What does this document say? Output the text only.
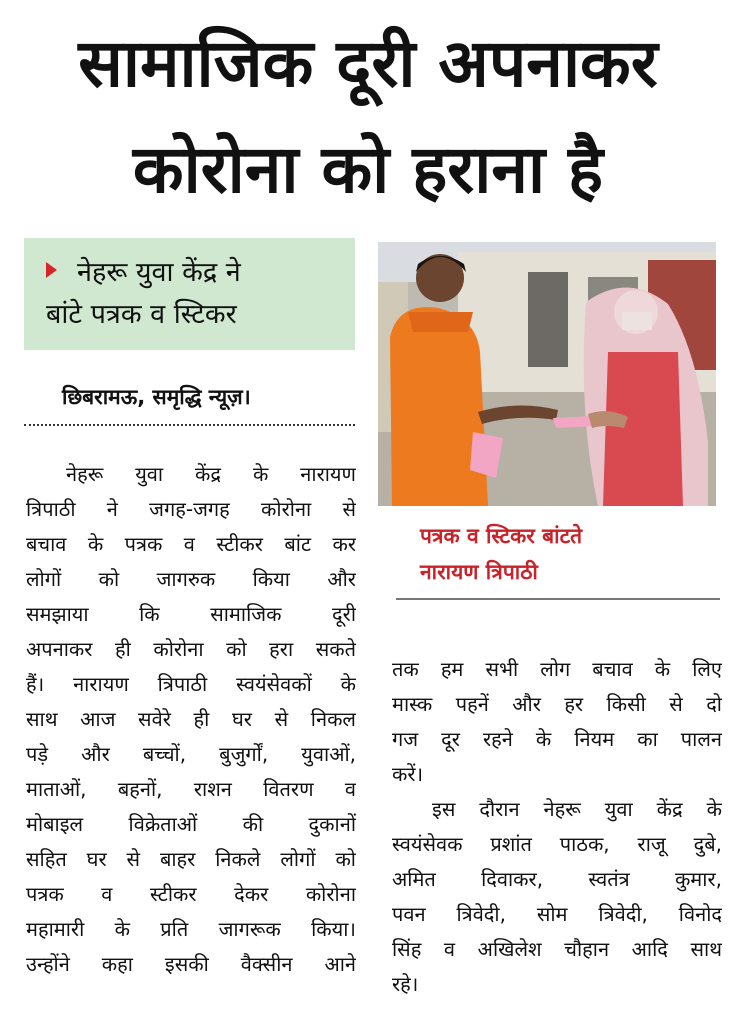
सामाजिक दूरी अपनाकर
कोरोना को हराना है
नेहरू युवा केंद्र ने
बांटे पत्रक व स्टिकर
छिबरामऊ, समृद्धि न्यूज़।
नेहरू युवा केंद्र के नारायण
त्रिपाठी ने जगह-जगह कोरोना से
बचाव के पत्रक व स्टीकर बांट कर
लोगों को जागरुक किया और
समझाया कि सामाजिक दूरी
अपनाकर ही कोरोना को हरा सकते
हैं। नारायण त्रिपाठी स्वयंसेवकों के
साथ आज सवेरे ही घर से निकल
पड़े और बच्चों, बुजुर्गों, युवाओं,
माताओं, बहनों, राशन वितरण व
मोबाइल विक्रेताओं की दुकानों
सहित घर से बाहर निकले लोगों को
पत्रक व स्टीकर देकर कोरोना
महामारी के प्रति जागरूक किया।
उन्होंने कहा इसकी वैक्सीन आने
पत्रक व स्टिकर बांटते
नारायण त्रिपाठी
तक हम सभी लोग बचाव के लिए
मास्क पहनें और हर किसी से दो
गज दूर रहने के नियम का पालन
करें।
इस दौरान नेहरू युवा केंद्र के
स्वयंसेवक प्रशांत पाठक, राजू दुबे,
अमित दिवाकर, स्वतंत्र कुमार,
पवन त्रिवेदी, सोम त्रिवेदी, विनोद
सिंह व अखिलेश चौहान आदि साथ
रहे।
